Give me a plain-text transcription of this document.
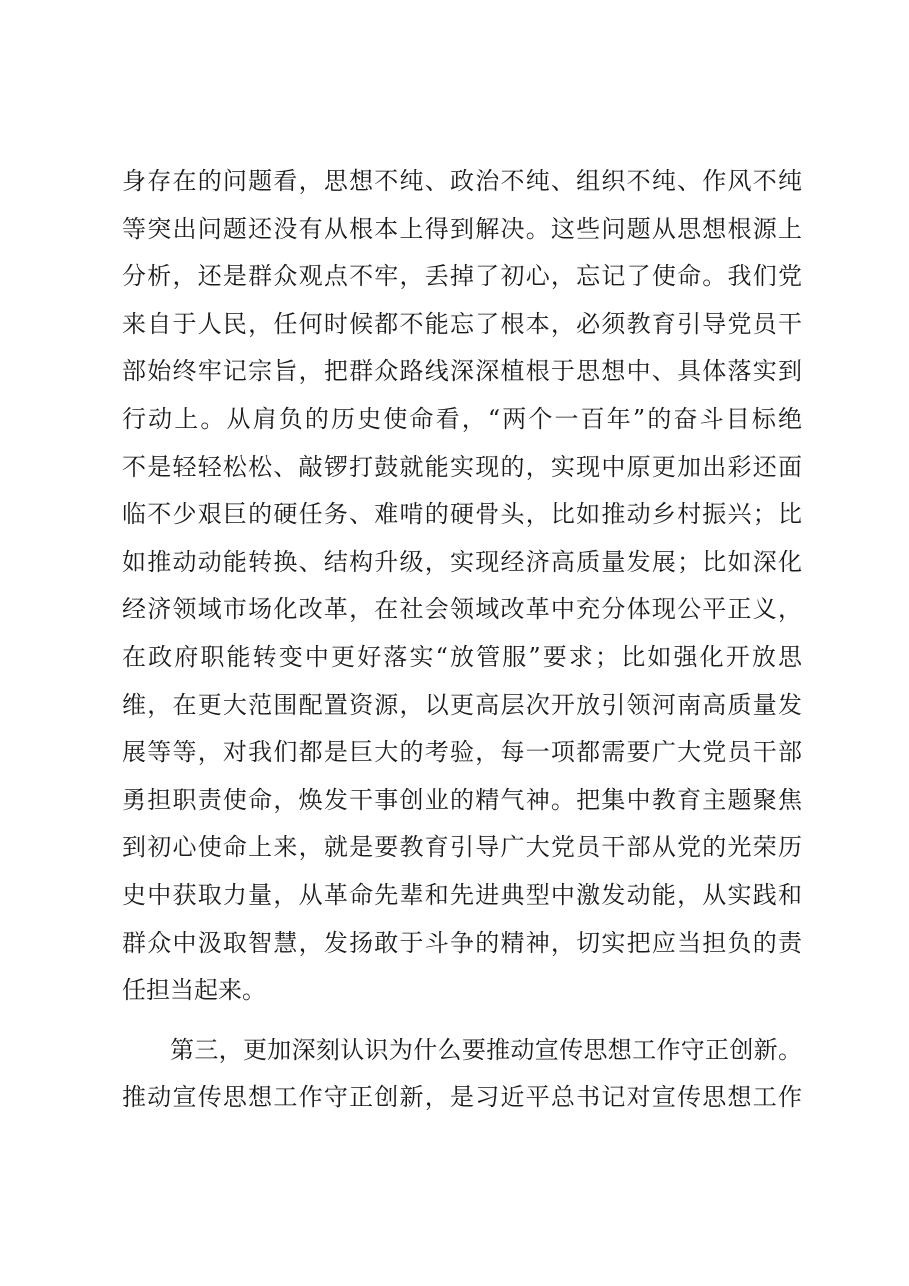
身存在的问题看，思想不纯、政治不纯、组织不纯、作风不纯
等突出问题还没有从根本上得到解决。这些问题从思想根源上
分析，还是群众观点不牢，丢掉了初心，忘记了使命。我们党
来自于人民，任何时候都不能忘了根本，必须教育引导党员干
部始终牢记宗旨，把群众路线深深植根于思想中、具体落实到
行动上。从肩负的历史使命看，“两个一百年”的奋斗目标绝
不是轻轻松松、敲锣打鼓就能实现的，实现中原更加出彩还面
临不少艰巨的硬任务、难啃的硬骨头，比如推动乡村振兴；比
如推动动能转换、结构升级，实现经济高质量发展；比如深化
经济领域市场化改革，在社会领域改革中充分体现公平正义，
在政府职能转变中更好落实“放管服”要求；比如强化开放思
维，在更大范围配置资源，以更高层次开放引领河南高质量发
展等等，对我们都是巨大的考验，每一项都需要广大党员干部
勇担职责使命，焕发干事创业的精气神。把集中教育主题聚焦
到初心使命上来，就是要教育引导广大党员干部从党的光荣历
史中获取力量，从革命先辈和先进典型中激发动能，从实践和
群众中汲取智慧，发扬敢于斗争的精神，切实把应当担负的责
任担当起来。
第三，更加深刻认识为什么要推动宣传思想工作守正创新。
推动宣传思想工作守正创新，是习近平总书记对宣传思想工作
